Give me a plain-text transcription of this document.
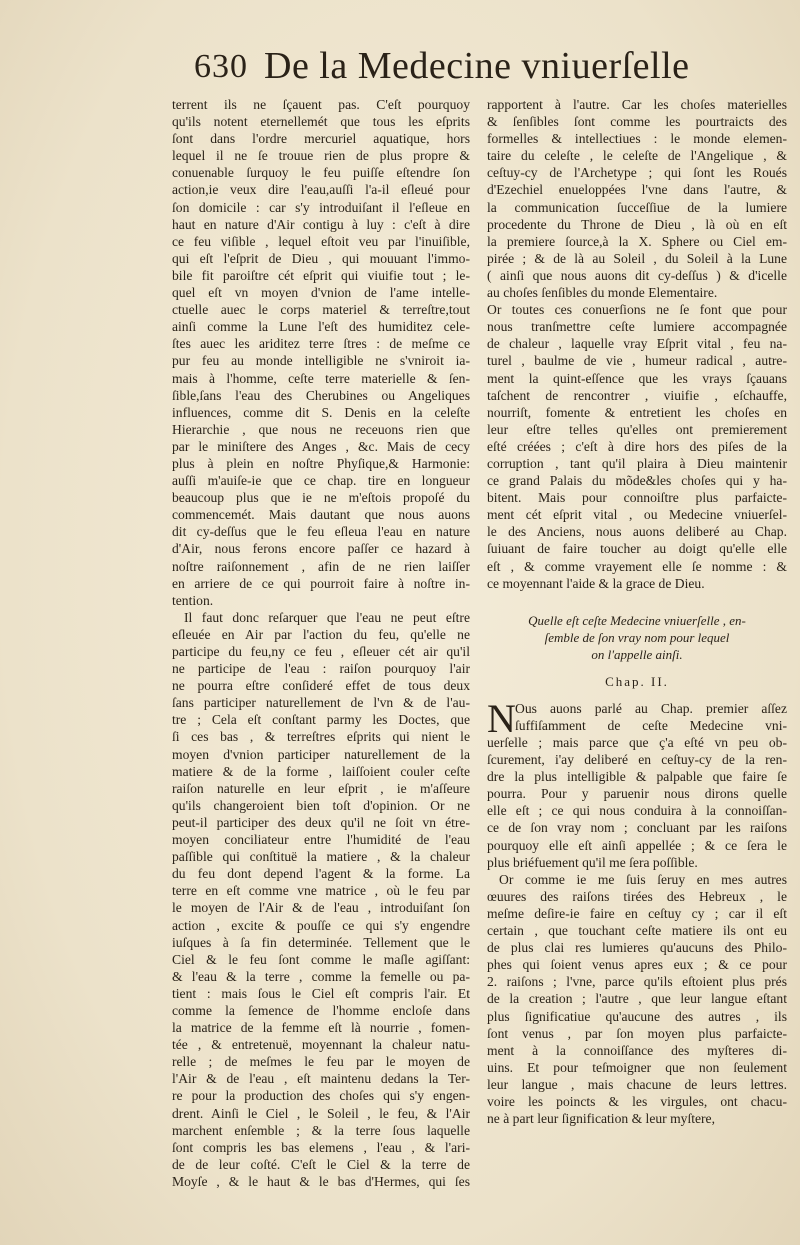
630 De la Medecine vniuerſelle
terrent ils ne ſçauent pas. C'eſt pourquoy
qu'ils notent eternellemét que tous les eſprits
ſont dans l'ordre mercuriel aquatique, hors
lequel il ne ſe trouue rien de plus propre &
conuenable ſurquoy le feu puiſſe eſtendre ſon
action,ie veux dire l'eau,auſſi l'a-il eſleué pour
ſon domicile : car s'y introduiſant il l'eſleue en
haut en nature d'Air contigu à luy : c'eſt à dire
ce feu viſible , lequel eſtoit veu par l'inuiſible,
qui eſt l'eſprit de Dieu , qui mouuant l'immo-
bile fit paroiſtre cét eſprit qui viuifie tout ; le-
quel eſt vn moyen d'vnion de l'ame intelle-
ctuelle auec le corps materiel & terreſtre,tout
ainſi comme la Lune l'eſt des humiditez cele-
ſtes auec les ariditez terre ſtres : de meſme ce
pur feu au monde intelligible ne s'vniroit ia-
mais à l'homme, ceſte terre materielle & ſen-
ſible,ſans l'eau des Cherubines ou Angeliques
influences, comme dit S. Denis en la celeſte
Hierarchie , que nous ne receuons rien que
par le miniſtere des Anges , &c. Mais de cecy
plus à plein en noſtre Phyſique,& Harmonie:
auſſi m'auiſe-ie que ce chap. tire en longueur
beaucoup plus que ie ne m'eſtois propoſé du
commencemét. Mais dautant que nous auons
dit cy-deſſus que le feu eſleua l'eau en nature
d'Air, nous ferons encore paſſer ce hazard à
noſtre raiſonnement , afin de ne rien laiſſer
en arriere de ce qui pourroit faire à noſtre in-
tention.
Il faut donc reſarquer que l'eau ne peut eſtre
eſleuée en Air par l'action du feu, qu'elle ne
participe du feu,ny ce feu , eſleuer cét air qu'il
ne participe de l'eau : raiſon pourquoy l'air
ne pourra eſtre conſideré effet de tous deux
ſans participer naturellement de l'vn & de l'au-
tre ; Cela eſt conſtant parmy les Doctes, que
ſi ces bas , & terreſtres eſprits qui nient le
moyen d'vnion participer naturellement de la
matiere & de la forme , laiſſoient couler ceſte
raiſon naturelle en leur eſprit , ie m'aſſeure
qu'ils changeroient bien toſt d'opinion. Or ne
peut-il participer des deux qu'il ne ſoit vn étre-
moyen conciliateur entre l'humidité de l'eau
paſſible qui conſtituë la matiere , & la chaleur
du feu dont depend l'agent & la forme. La
terre en eſt comme vne matrice , où le feu par
le moyen de l'Air & de l'eau , introduiſant ſon
action , excite & pouſſe ce qui s'y engendre
iuſques à ſa fin determinée. Tellement que le
Ciel & le feu ſont comme le maſle agiſſant:
& l'eau & la terre , comme la femelle ou pa-
tient : mais ſous le Ciel eſt compris l'air. Et
comme la ſemence de l'homme encloſe dans
la matrice de la femme eſt là nourrie , fomen-
tée , & entretenuë, moyennant la chaleur natu-
relle ; de meſmes le feu par le moyen de
l'Air & de l'eau , eſt maintenu dedans la Ter-
re pour la production des choſes qui s'y engen-
drent. Ainſi le Ciel , le Soleil , le feu, & l'Air
marchent enſemble ; & la terre ſous laquelle
ſont compris les bas elemens , l'eau , & l'ari-
de de leur coſté. C'eſt le Ciel & la terre de
Moyſe , & le haut & le bas d'Hermes, qui ſes
rapportent à l'autre. Car les choſes materielles
& ſenſibles ſont comme les pourtraicts des
formelles & intellectiues : le monde elemen-
taire du celeſte , le celeſte de l'Angelique , &
ceſtuy-cy de l'Archetype ; qui ſont les Roués
d'Ezechiel enueloppées l'vne dans l'autre, &
la communication ſucceſſiue de la lumiere
procedente du Throne de Dieu , là où en eſt
la premiere ſource,à la X. Sphere ou Ciel em-
pirée ; & de là au Soleil , du Soleil à la Lune
( ainſi que nous auons dit cy-deſſus ) & d'icelle
au choſes ſenſibles du monde Elementaire.
Or toutes ces conuerſions ne ſe font que pour
nous tranſmettre ceſte lumiere accompagnée
de chaleur , laquelle vray Eſprit vital , feu na-
turel , baulme de vie , humeur radical , autre-
ment la quint-eſſence que les vrays ſçauans
taſchent de rencontrer , viuifie , eſchauffe,
nourriſt, fomente & entretient les choſes en
leur eſtre telles qu'elles ont premierement
eſté créées ; c'eſt à dire hors des piſes de la
corruption , tant qu'il plaira à Dieu maintenir
ce grand Palais du mõde&les choſes qui y ha-
bitent. Mais pour connoiſtre plus parfaicte-
ment cét eſprit vital , ou Medecine vniuerſel-
le des Anciens, nous auons deliberé au Chap.
ſuiuant de faire toucher au doigt qu'elle elle
eſt , & comme vrayement elle ſe nomme : &
ce moyennant l'aide & la grace de Dieu.
Quelle eſt ceſte Medecine vniuerſelle , en-
ſemble de ſon vray nom pour lequel
on l'appelle ainſi.
Chap. II.
N Ous auons parlé au Chap. premier aſſez
ſuffiſamment de ceſte Medecine vni-
uerſelle ; mais parce que ç'a eſté vn peu ob-
ſcurement, i'ay deliberé en ceſtuy-cy de la ren-
dre la plus intelligible & palpable que faire ſe
pourra. Pour y paruenir nous dirons quelle
elle eſt ; ce qui nous conduira à la connoiſſan-
ce de ſon vray nom ; concluant par les raiſons
pourquoy elle eſt ainſi appellée ; & ce ſera le
plus briéfuement qu'il me ſera poſſible.
Or comme ie me ſuis ſeruy en mes autres
œuures des raiſons tirées des Hebreux , le
meſme deſire-ie faire en ceſtuy cy ; car il eſt
certain , que touchant ceſte matiere ils ont eu
de plus clai res lumieres qu'aucuns des Philo-
phes qui ſoient venus apres eux ; & ce pour
2. raiſons ; l'vne, parce qu'ils eſtoient plus prés
de la creation ; l'autre , que leur langue eſtant
plus ſignificatiue qu'aucune des autres , ils
ſont venus , par ſon moyen plus parfaicte-
ment à la connoiſſance des myſteres di-
uins. Et pour teſmoigner que non ſeulement
leur langue , mais chacune de leurs lettres.
voire les poincts & les virgules, ont chacu-
ne à part leur ſignification & leur myſtere,
